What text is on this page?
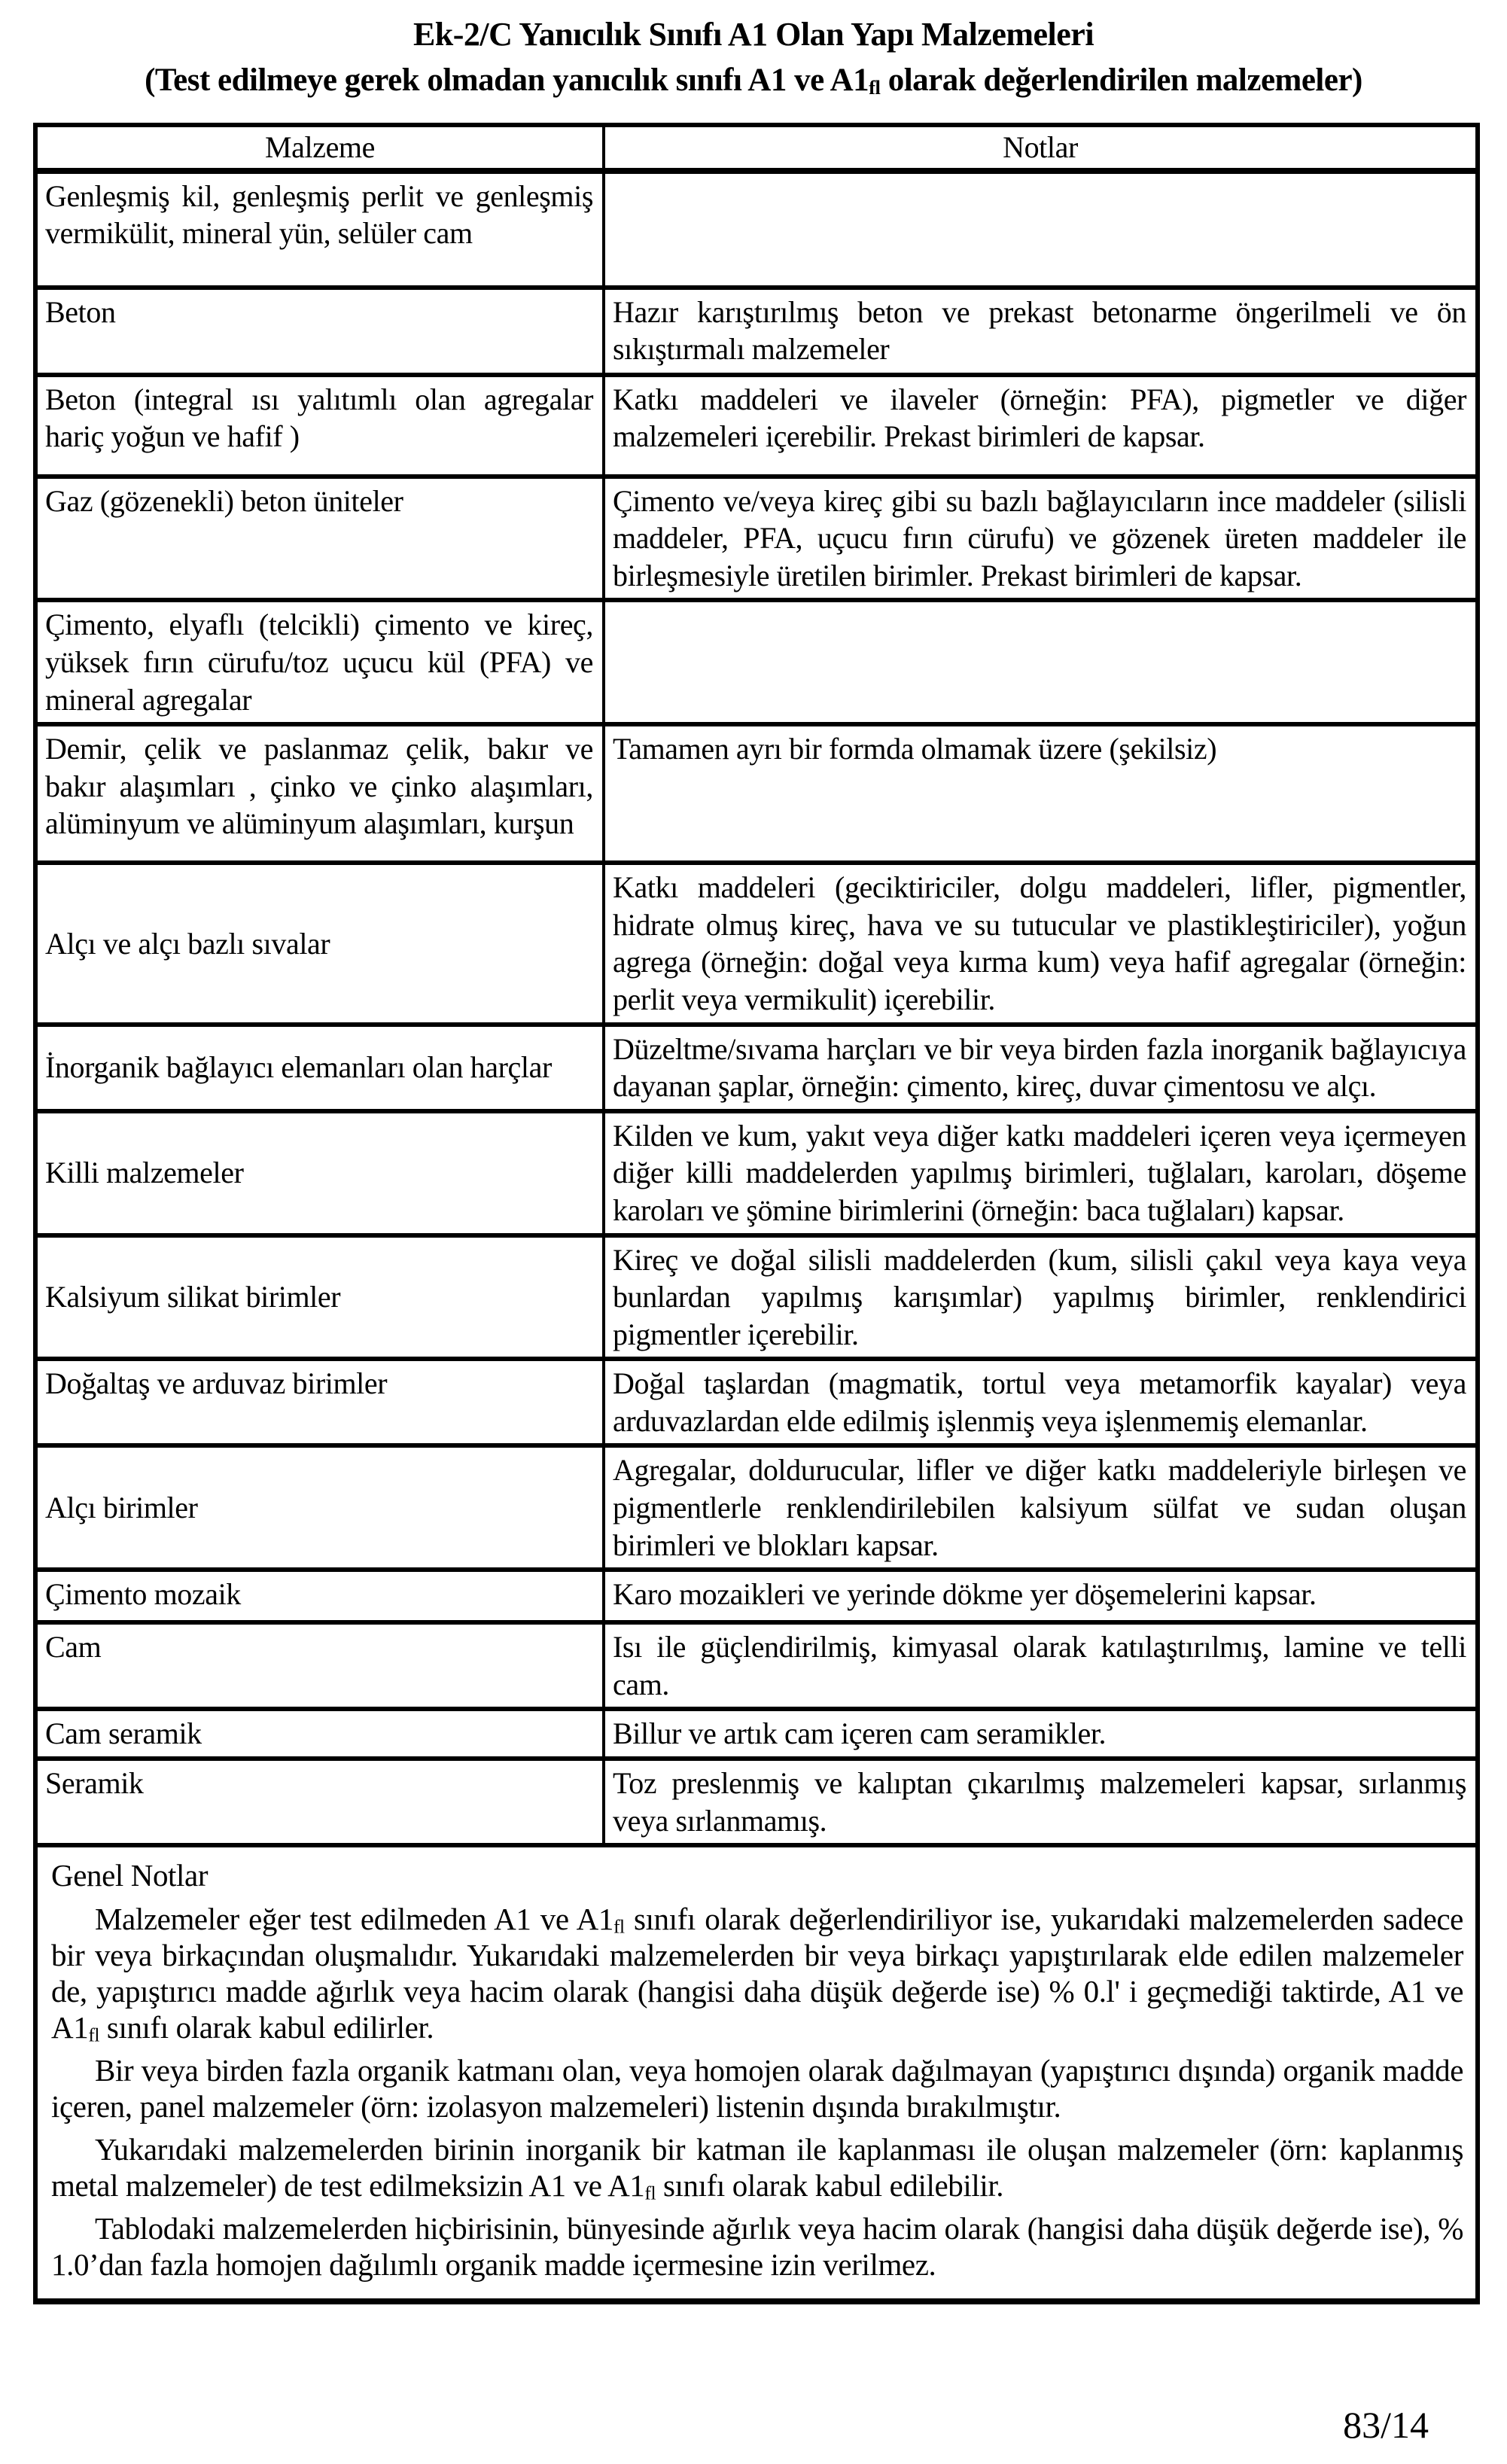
Ek-2/C Yanıcılık Sınıfı A1 Olan Yapı Malzemeleri
(Test edilmeye gerek olmadan yanıcılık sınıfı A1 ve $A1_{fl}$ olarak değerlendirilen malzemeler)
Malzeme	Notlar
Genleşmiş kil, genleşmiş perlit ve genleşmiş vermikülit, mineral yün, selüler cam	
Beton	Hazır karıştırılmış beton ve prekast betonarme öngerilmeli ve ön sıkıştırmalı malzemeler
Beton (integral ısı yalıtımlı olan agregalar hariç yoğun ve hafif )	Katkı maddeleri ve ilaveler (örneğin: PFA), pigmetler ve diğer malzemeleri içerebilir. Prekast birimleri de kapsar.
Gaz (gözenekli) beton üniteler	Çimento ve/veya kireç gibi su bazlı bağlayıcıların ince maddeler (silisli maddeler, PFA, uçucu fırın cürufu) ve gözenek üreten maddeler ile birleşmesiyle üretilen birimler. Prekast birimleri de kapsar.
Çimento, elyaflı (telcikli) çimento ve kireç, yüksek fırın cürufu/toz uçucu kül (PFA) ve mineral agregalar	
Demir, çelik ve paslanmaz çelik, bakır ve bakır alaşımları , çinko ve çinko alaşımları, alüminyum ve alüminyum alaşımları, kurşun	Tamamen ayrı bir formda olmamak üzere (şekilsiz)
Alçı ve alçı bazlı sıvalar	Katkı maddeleri (geciktiriciler, dolgu maddeleri, lifler, pigmentler, hidrate olmuş kireç, hava ve su tutucular ve plastikleştiriciler), yoğun agrega (örneğin: doğal veya kırma kum) veya hafif agregalar (örneğin: perlit veya vermikulit) içerebilir.
İnorganik bağlayıcı elemanları olan harçlar	Düzeltme/sıvama harçları ve bir veya birden fazla inorganik bağlayıcıya dayanan şaplar, örneğin: çimento, kireç, duvar çimentosu ve alçı.
Killi malzemeler	Kilden ve kum, yakıt veya diğer katkı maddeleri içeren veya içermeyen diğer killi maddelerden yapılmış birimleri, tuğlaları, karoları, döşeme karoları ve şömine birimlerini (örneğin: baca tuğlaları) kapsar.
Kalsiyum silikat birimler	Kireç ve doğal silisli maddelerden (kum, silisli çakıl veya kaya veya bunlardan yapılmış karışımlar) yapılmış birimler, renklendirici pigmentler içerebilir.
Doğaltaş ve arduvaz birimler	Doğal taşlardan (magmatik, tortul veya metamorfik kayalar) veya arduvazlardan elde edilmiş işlenmiş veya işlenmemiş elemanlar.
Alçı birimler	Agregalar, doldurucular, lifler ve diğer katkı maddeleriyle birleşen ve pigmentlerle renklendirilebilen kalsiyum sülfat ve sudan oluşan birimleri ve blokları kapsar.
Çimento mozaik	Karo mozaikleri ve yerinde dökme yer döşemelerini kapsar.
Cam	Isı ile güçlendirilmiş, kimyasal olarak katılaştırılmış, lamine ve telli cam.
Cam seramik	Billur ve artık cam içeren cam seramikler.
Seramik	Toz preslenmiş ve kalıptan çıkarılmış malzemeleri kapsar, sırlanmış veya sırlanmamış.

Genel Notlar

Malzemeler eğer test edilmeden A1 ve $A1_{fl}$ sınıfı olarak değerlendiriliyor ise, yukarıdaki malzemelerden sadece bir veya birkaçından oluşmalıdır. Yukarıdaki malzemelerden bir veya birkaçı yapıştırılarak elde edilen malzemeler de, yapıştırıcı madde ağırlık veya hacim olarak (hangisi daha düşük değerde ise) % 0.l' i geçmediği taktirde, A1 ve $A1_{fl}$ sınıfı olarak kabul edilirler.

Bir veya birden fazla organik katmanı olan, veya homojen olarak dağılmayan (yapıştırıcı dışında) organik madde içeren, panel malzemeler (örn: izolasyon malzemeleri) listenin dışında bırakılmıştır.

Yukarıdaki malzemelerden birinin inorganik bir katman ile kaplanması ile oluşan malzemeler (örn: kaplanmış metal malzemeler) de test edilmeksizin A1 ve $A1_{fl}$ sınıfı olarak kabul edilebilir.

Tablodaki malzemelerden hiçbirisinin, bünyesinde ağırlık veya hacim olarak (hangisi daha düşük değerde ise), % 1.0’dan fazla homojen dağılımlı organik madde içermesine izin verilmez.	

83/14
